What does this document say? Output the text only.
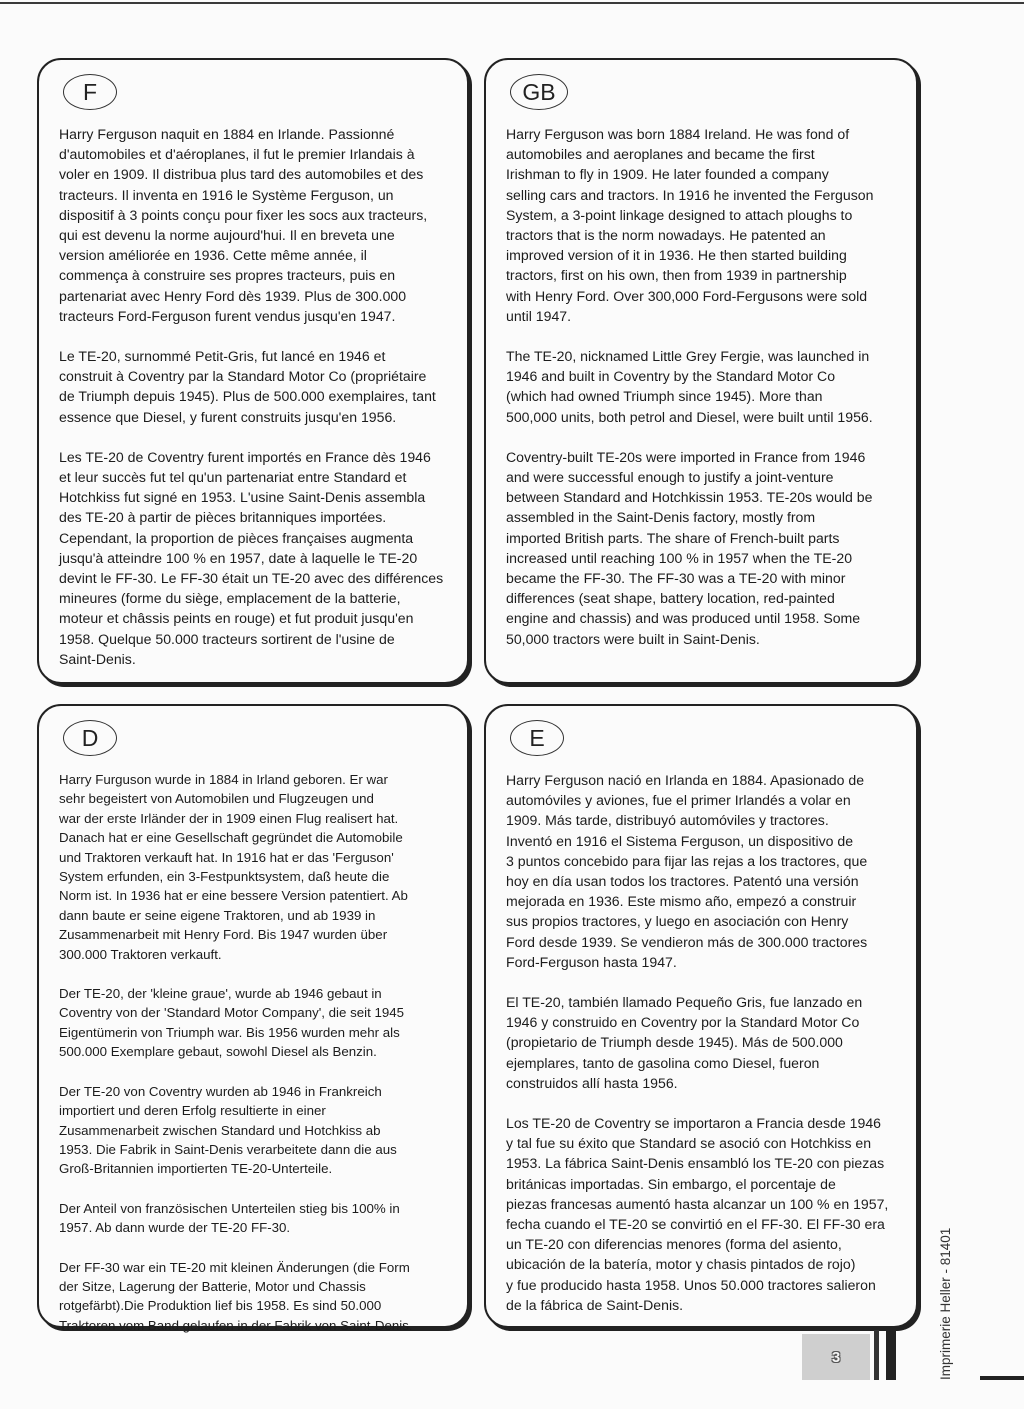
F

Harry Ferguson naquit en 1884 en Irlande. Passionné
d'automobiles et d'aéroplanes, il fut le premier Irlandais à
voler en 1909. Il distribua plus tard des automobiles et des
tracteurs. Il inventa en 1916 le Système Ferguson, un
dispositif à 3 points conçu pour fixer les socs aux tracteurs,
qui est devenu la norme aujourd'hui. Il en breveta une
version améliorée en 1936. Cette même année, il
commença à construire ses propres tracteurs, puis en
partenariat avec Henry Ford dès 1939. Plus de 300.000
tracteurs Ford-Ferguson furent vendus jusqu'en 1947.

Le TE-20, surnommé Petit-Gris, fut lancé en 1946 et
construit à Coventry par la Standard Motor Co (propriétaire
de Triumph depuis 1945). Plus de 500.000 exemplaires, tant
essence que Diesel, y furent construits jusqu'en 1956.

Les TE-20 de Coventry furent importés en France dès 1946
et leur succès fut tel qu'un partenariat entre Standard et
Hotchkiss fut signé en 1953. L'usine Saint-Denis assembla
des TE-20 à partir de pièces britanniques importées.
Cependant, la proportion de pièces françaises augmenta
jusqu'à atteindre 100 % en 1957, date à laquelle le TE-20
devint le FF-30. Le FF-30 était un TE-20 avec des différences
mineures (forme du siège, emplacement de la batterie,
moteur et châssis peints en rouge) et fut produit jusqu'en
1958. Quelque 50.000 tracteurs sortirent de l'usine de
Saint-Denis.

GB

Harry Ferguson was born 1884 Ireland. He was fond of
automobiles and aeroplanes and became the first
Irishman to fly in 1909. He later founded a company
selling cars and tractors. In 1916 he invented the Ferguson
System, a 3-point linkage designed to attach ploughs to
tractors that is the norm nowadays. He patented an
improved version of it in 1936. He then started building
tractors, first on his own, then from 1939 in partnership
with Henry Ford. Over 300,000 Ford-Fergusons were sold
until 1947.

The TE-20, nicknamed Little Grey Fergie, was launched in
1946 and built in Coventry by the Standard Motor Co
(which had owned Triumph since 1945). More than
500,000 units, both petrol and Diesel, were built until 1956.

Coventry-built TE-20s were imported in France from 1946
and were successful enough to justify a joint-venture
between Standard and Hotchkissin 1953. TE-20s would be
assembled in the Saint-Denis factory, mostly from
imported British parts. The share of French-built parts
increased until reaching 100 % in 1957 when the TE-20
became the FF-30. The FF-30 was a TE-20 with minor
differences (seat shape, battery location, red-painted
engine and chassis) and was produced until 1958. Some
50,000 tractors were built in Saint-Denis.

D

Harry Furguson wurde in 1884 in Irland geboren. Er war
sehr begeistert von Automobilen und Flugzeugen und
war der erste Irländer der in 1909 einen Flug realisert hat.
Danach hat er eine Gesellschaft gegründet die Automobile
und Traktoren verkauft hat. In 1916 hat er das 'Ferguson'
System erfunden, ein 3-Festpunktsystem, daß heute die
Norm ist. In 1936 hat er eine bessere Version patentiert. Ab
dann baute er seine eigene Traktoren, und ab 1939 in
Zusammenarbeit mit Henry Ford. Bis 1947 wurden über
300.000 Traktoren verkauft.

Der TE-20, der 'kleine graue', wurde ab 1946 gebaut in
Coventry von der 'Standard Motor Company', die seit 1945
Eigentümerin von Triumph war. Bis 1956 wurden mehr als
500.000 Exemplare gebaut, sowohl Diesel als Benzin.

Der TE-20 von Coventry wurden ab 1946 in Frankreich
importiert und deren Erfolg resultierte in einer
Zusammenarbeit zwischen Standard und Hotchkiss ab
1953. Die Fabrik in Saint-Denis verarbeitete dann die aus
Groß-Britannien importierten TE-20-Unterteile.

Der Anteil von französischen Unterteilen stieg bis 100% in
1957. Ab dann wurde der TE-20 FF-30.

Der FF-30 war ein TE-20 mit kleinen Änderungen (die Form
der Sitze, Lagerung der Batterie, Motor und Chassis
rotgefärbt).Die Produktion lief bis 1958. Es sind 50.000
Traktoren vom Band gelaufen in der Fabrik von Saint-Denis.

E

Harry Ferguson nació en Irlanda en 1884. Apasionado de
automóviles y aviones, fue el primer Irlandés a volar en
1909. Más tarde, distribuyó automóviles y tractores.
Inventó en 1916 el Sistema Ferguson, un dispositivo de
3 puntos concebido para fijar las rejas a los tractores, que
hoy en día usan todos los tractores. Patentó una versión
mejorada en 1936. Este mismo año, empezó a construir
sus propios tractores, y luego en asociación con Henry
Ford desde 1939. Se vendieron más de 300.000 tractores
Ford-Ferguson hasta 1947.

El TE-20, también llamado Pequeño Gris, fue lanzado en
1946 y construido en Coventry por la Standard Motor Co
(propietario de Triumph desde 1945). Más de 500.000
ejemplares, tanto de gasolina como Diesel, fueron
construidos allí hasta 1956.

Los TE-20 de Coventry se importaron a Francia desde 1946
y tal fue su éxito que Standard se asoció con Hotchkiss en
1953. La fábrica Saint-Denis ensambló los TE-20 con piezas
británicas importadas. Sin embargo, el porcentaje de
piezas francesas aumentó hasta alcanzar un 100 % en 1957,
fecha cuando el TE-20 se convirtió en el FF-30. El FF-30 era
un TE-20 con diferencias menores (forma del asiento,
ubicación de la batería, motor y chasis pintados de rojo)
y fue producido hasta 1958. Unos 50.000 tractores salieron
de la fábrica de Saint-Denis.	Imprimerie Heller - 81401
3
